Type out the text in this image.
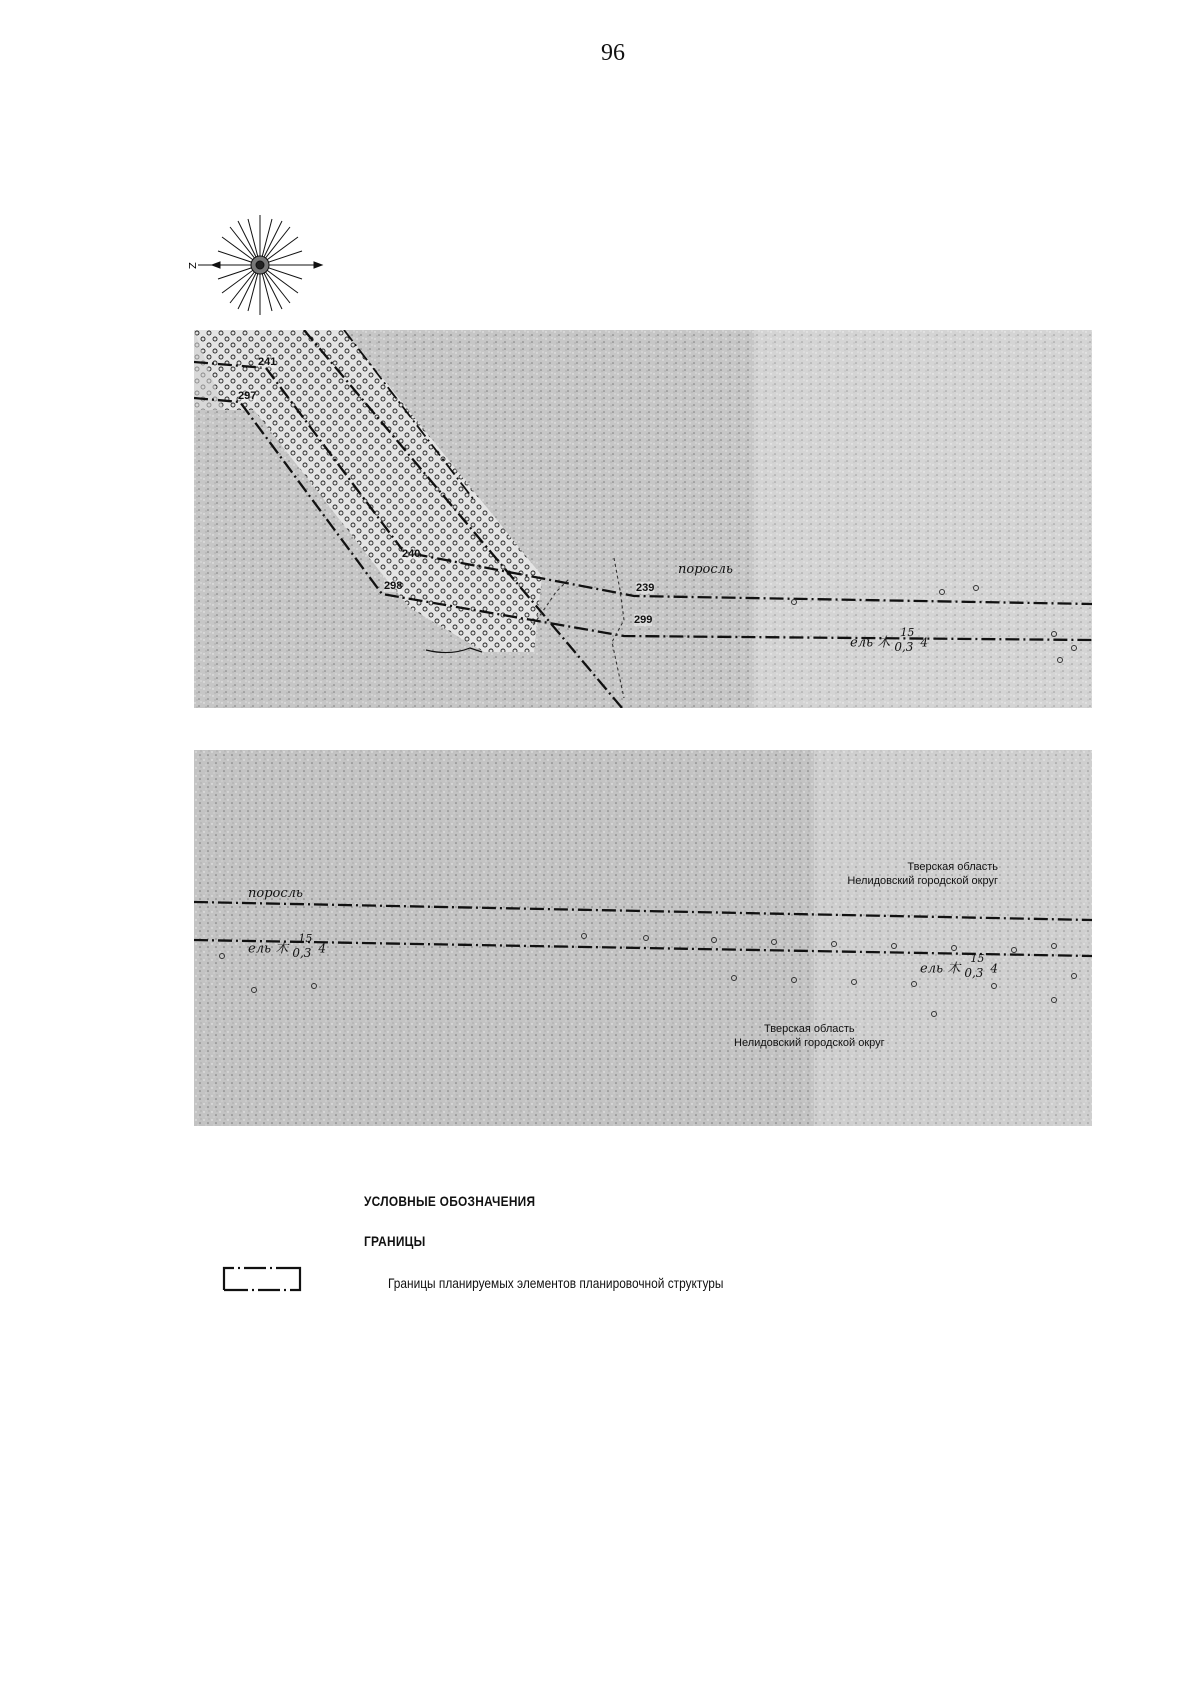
96
Z
241
297
240
298	239
299
поросль
ель ⽊
15
0,3 4
поросль
Тверская область
Нелидовский городской округ
Тверская область
Нелидовский городской округ
ель ⽊
15
0,3 4
ель ⽊
15
0,3 4
УСЛОВНЫЕ ОБОЗНАЧЕНИЯ
ГРАНИЦЫ
Границы планируемых элементов планировочной структуры
